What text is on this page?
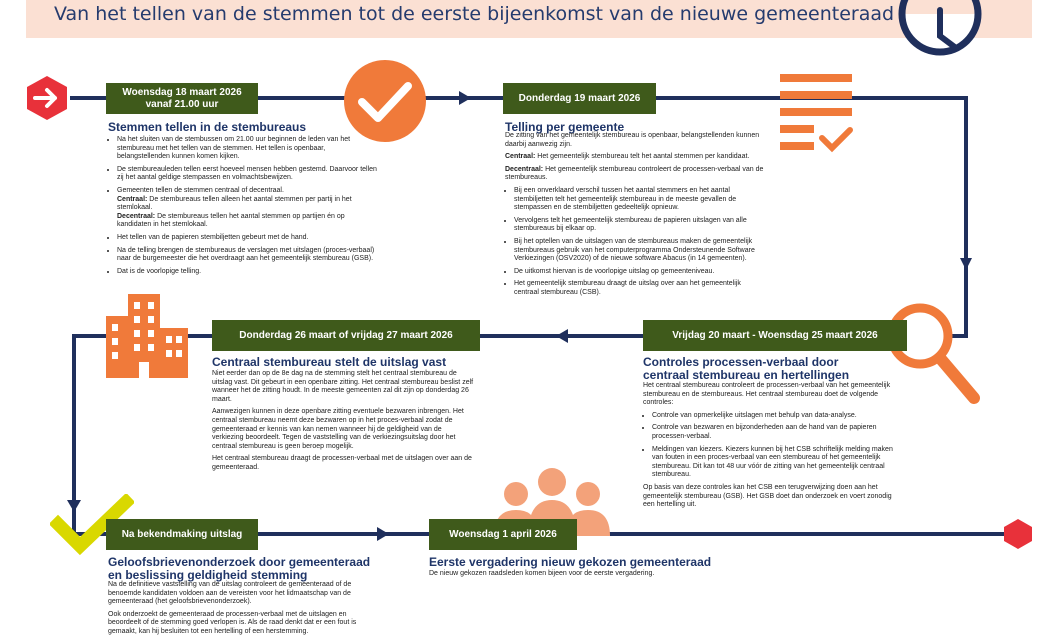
Van het tellen van de stemmen tot de eerste bijeenkomst van de nieuwe gemeenteraad
Woensdag 18 maart 2026
vanaf 21.00 uur
Stemmen tellen in de stembureaus
• Na het sluiten van de stembussen om 21.00 uur beginnen de leden van het stembureau met het tellen van de stemmen. Het tellen is openbaar, belangstellenden kunnen komen kijken.
• De stembureauleden tellen eerst hoeveel mensen hebben gestemd. Daarvoor tellen zij het aantal geldige stempassen en volmachtsbewijzen.
• Gemeenten tellen de stemmen centraal of decentraal.
Centraal: De stembureaus tellen alleen het aantal stemmen per partij in het stemlokaal.
Decentraal: De stembureaus tellen het aantal stemmen op partijen én op kandidaten in het stemlokaal.
• Het tellen van de papieren stembiljetten gebeurt met de hand.
• Na de telling brengen de stembureaus de verslagen met uitslagen (proces-verbaal) naar de burgemeester die het overdraagt aan het gemeentelijk stembureau (GSB).
• Dat is de voorlopige telling.
Donderdag 19 maart 2026
Telling per gemeente

De zitting van het gemeentelijk stembureau is openbaar, belangstellenden kunnen daarbij aanwezig zijn.

Centraal: Het gemeentelijk stembureau telt het aantal stemmen per kandidaat.

Decentraal: Het gemeentelijk stembureau controleert de processen-verbaal van de stembureaus.

• Bij een onverklaard verschil tussen het aantal stemmers en het aantal stembiljetten telt het gemeentelijk stembureau in de meeste gevallen de stempassen en de stembiljetten gedeeltelijk opnieuw.
• Vervolgens telt het gemeentelijk stembureau de papieren uitslagen van alle stembureaus bij elkaar op.
• Bij het optellen van de uitslagen van de stembureaus maken de gemeentelijk stembureaus gebruik van het computerprogramma Ondersteunende Software Verkiezingen (OSV2020) of de nieuwe software Abacus (in 14 gemeenten).
• De uitkomst hiervan is de voorlopige uitslag op gemeenteniveau.
• Het gemeentelijk stembureau draagt de uitslag over aan het gemeentelijk centraal stembureau (CSB).
Vrijdag 20 maart - Woensdag 25 maart 2026
Controles processen-verbaal door
centraal stembureau en hertellingen

Het centraal stembureau controleert de processen-verbaal van het gemeentelijk stembureau en de stembureaus. Het centraal stembureau doet de volgende controles:

• Controle van opmerkelijke uitslagen met behulp van data-analyse.
• Controle van bezwaren en bijzonderheden aan de hand van de papieren processen-verbaal.
• Meldingen van kiezers. Kiezers kunnen bij het CSB schriftelijk melding maken van fouten in een proces-verbaal van een stembureau of het gemeentelijk stembureau. Dit kan tot 48 uur vóór de zitting van het gemeentelijk centraal stembureau.

Op basis van deze controles kan het CSB een terugverwijzing doen aan het gemeentelijk stembureau (GSB). Het GSB doet dan onderzoek en voert zonodig een hertelling uit.

Donderdag 26 maart of vrijdag 27 maart 2026
Centraal stembureau stelt de uitslag vast

Niet eerder dan op de 8e dag na de stemming stelt het centraal stembureau de uitslag vast. Dit gebeurt in een openbare zitting. Het centraal stembureau beslist zelf wanneer het de zitting houdt. In de meeste gemeenten zal dit zijn op donderdag 26 maart.

Aanwezigen kunnen in deze openbare zitting eventuele bezwaren inbrengen. Het centraal stembureau neemt deze bezwaren op in het proces-verbaal zodat de gemeenteraad er kennis van kan nemen wanneer hij de geldigheid van de verkiezing beoordeelt. Tegen de vaststelling van de verkiezingsuitslag door het centraal stembureau is geen beroep mogelijk.

Het centraal stembureau draagt de processen-verbaal met de uitslagen over aan de gemeenteraad.

Na bekendmaking uitslag
Geloofsbrievenonderzoek door gemeenteraad
en beslissing geldigheid stemming

Na de definitieve vaststelling van de uitslag controleert de gemeenteraad of de benoemde kandidaten voldoen aan de vereisten voor het lidmaatschap van de gemeenteraad (het geloofsbrievenonderzoek).

Ook onderzoekt de gemeenteraad de processen-verbaal met de uitslagen en beoordeelt of de stemming goed verlopen is. Als de raad denkt dat er een fout is gemaakt, kan hij besluiten tot een hertelling of een herstemming.

Woensdag 1 april 2026
Eerste vergadering nieuw gekozen gemeenteraad

De nieuw gekozen raadsleden komen bijeen voor de eerste vergadering.
